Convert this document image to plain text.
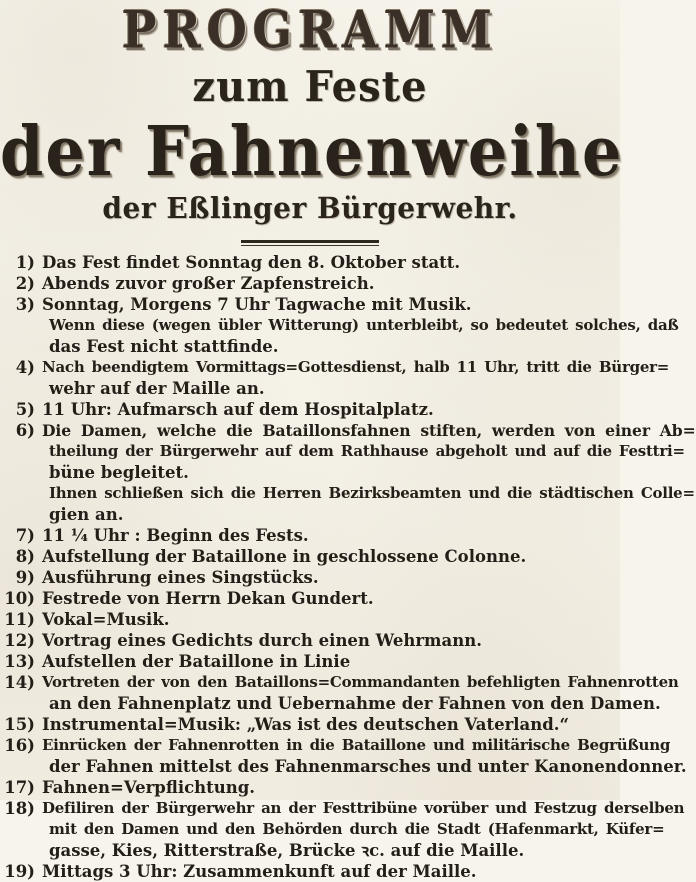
PROGRAMM
zum Feste
der Fahnenweihe
der Eßlinger Bürgerwehr.
1) Das Fest findet Sonntag den 8. Oktober statt.
2) Abends zuvor großer Zapfenstreich.
3) Sonntag, Morgens 7 Uhr Tagwache mit Musik.
Wenn diese (wegen übler Witterung) unterbleibt, so bedeutet solches, daß
das Fest nicht stattfinde.
4) Nach beendigtem Vormittags=Gottesdienst, halb 11 Uhr, tritt die Bürger=
wehr auf der Maille an.
5) 11 Uhr: Aufmarsch auf dem Hospitalplatz.
6) Die Damen, welche die Bataillonsfahnen stiften, werden von einer Ab=
theilung der Bürgerwehr auf dem Rathhause abgeholt und auf die Festtri=
büne begleitet.
Ihnen schließen sich die Herren Bezirksbeamten und die städtischen Colle=
gien an.
7) 11 ¼ Uhr : Beginn des Fests.
8) Aufstellung der Bataillone in geschlossene Colonne.
9) Ausführung eines Singstücks.
10) Festrede von Herrn Dekan Gundert.
11) Vokal=Musik.
12) Vortrag eines Gedichts durch einen Wehrmann.
13) Aufstellen der Bataillone in Linie
14) Vortreten der von den Bataillons=Commandanten befehligten Fahnenrotten
an den Fahnenplatz und Uebernahme der Fahnen von den Damen.
15) Instrumental=Musik: „Was ist des deutschen Vaterland.“
16) Einrücken der Fahnenrotten in die Bataillone und militärische Begrüßung
der Fahnen mittelst des Fahnenmarsches und unter Kanonendonner.
17) Fahnen=Verpflichtung.
18) Defiliren der Bürgerwehr an der Festtribüne vorüber und Festzug derselben
mit den Damen und den Behörden durch die Stadt (Hafenmarkt, Küfer=
gasse, Kies, Ritterstraße, Brücke ꝛc. auf die Maille.
19) Mittags 3 Uhr: Zusammenkunft auf der Maille.
